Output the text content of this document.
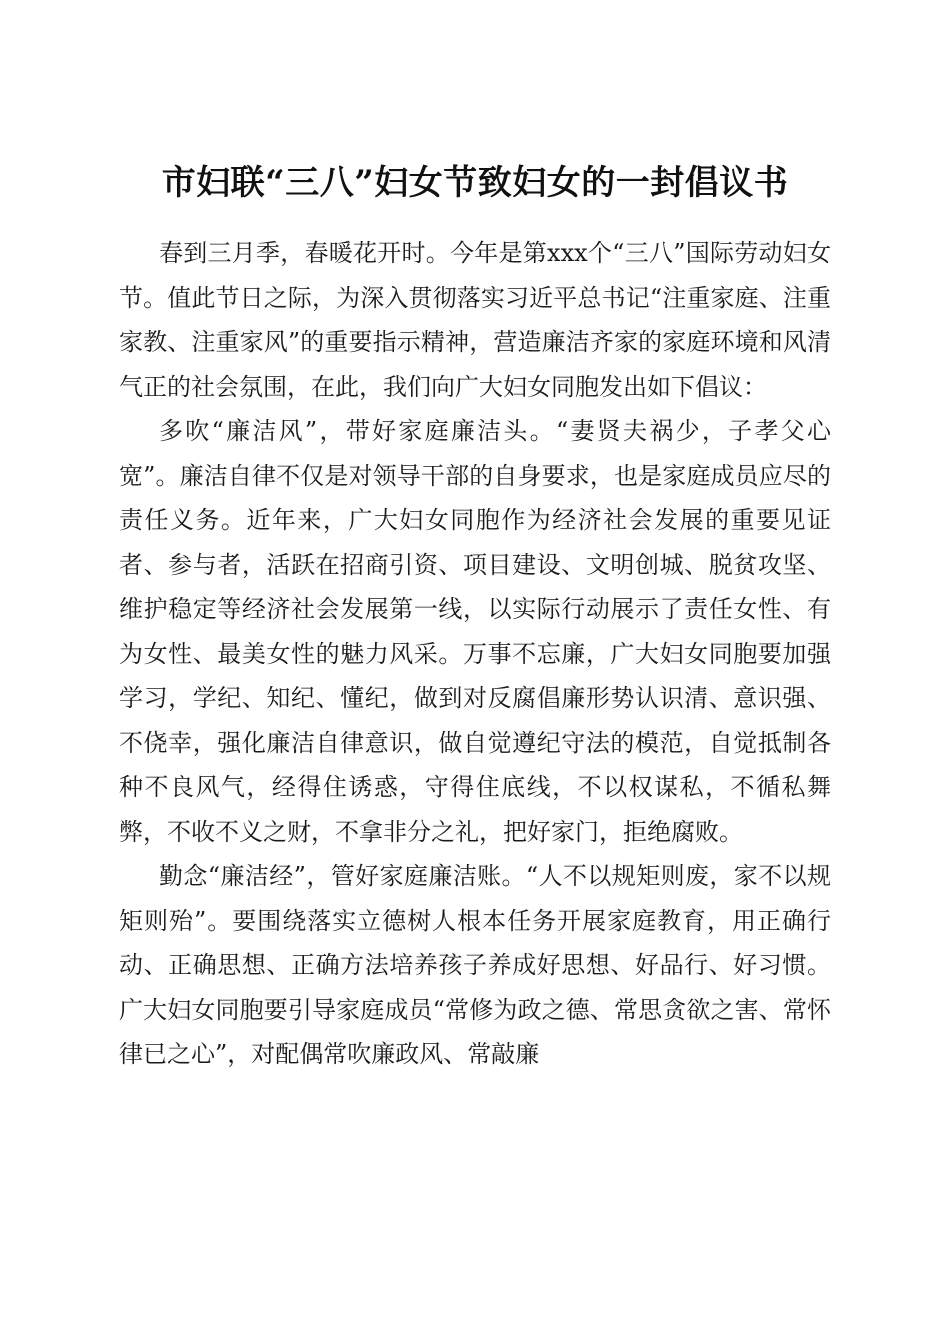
市妇联“三八”妇女节致妇女的一封倡议书

春到三月季，春暖花开时。今年是第xxx个“三八”国际劳动妇女节。值此节日之际，为深入贯彻落实习近平总书记“注重家庭、注重家教、注重家风”的重要指示精神，营造廉洁齐家的家庭环境和风清气正的社会氛围，在此，我们向广大妇女同胞发出如下倡议：

多吹“廉洁风”，带好家庭廉洁头。“妻贤夫祸少，子孝父心宽”。廉洁自律不仅是对领导干部的自身要求，也是家庭成员应尽的责任义务。近年来，广大妇女同胞作为经济社会发展的重要见证者、参与者，活跃在招商引资、项目建设、文明创城、脱贫攻坚、维护稳定等经济社会发展第一线，以实际行动展示了责任女性、有为女性、最美女性的魅力风采。万事不忘廉，广大妇女同胞要加强学习，学纪、知纪、懂纪，做到对反腐倡廉形势认识清、意识强、不侥幸，强化廉洁自律意识，做自觉遵纪守法的模范，自觉抵制各种不良风气，经得住诱惑，守得住底线，不以权谋私，不循私舞弊，不收不义之财，不拿非分之礼，把好家门，拒绝腐败。

勤念“廉洁经”，管好家庭廉洁账。“人不以规矩则废，家不以规矩则殆”。要围绕落实立德树人根本任务开展家庭教育，用正确行动、正确思想、正确方法培养孩子养成好思想、好品行、好习惯。广大妇女同胞要引导家庭成员“常修为政之德、常思贪欲之害、常怀律已之心”，对配偶常吹廉政风、常敲廉
